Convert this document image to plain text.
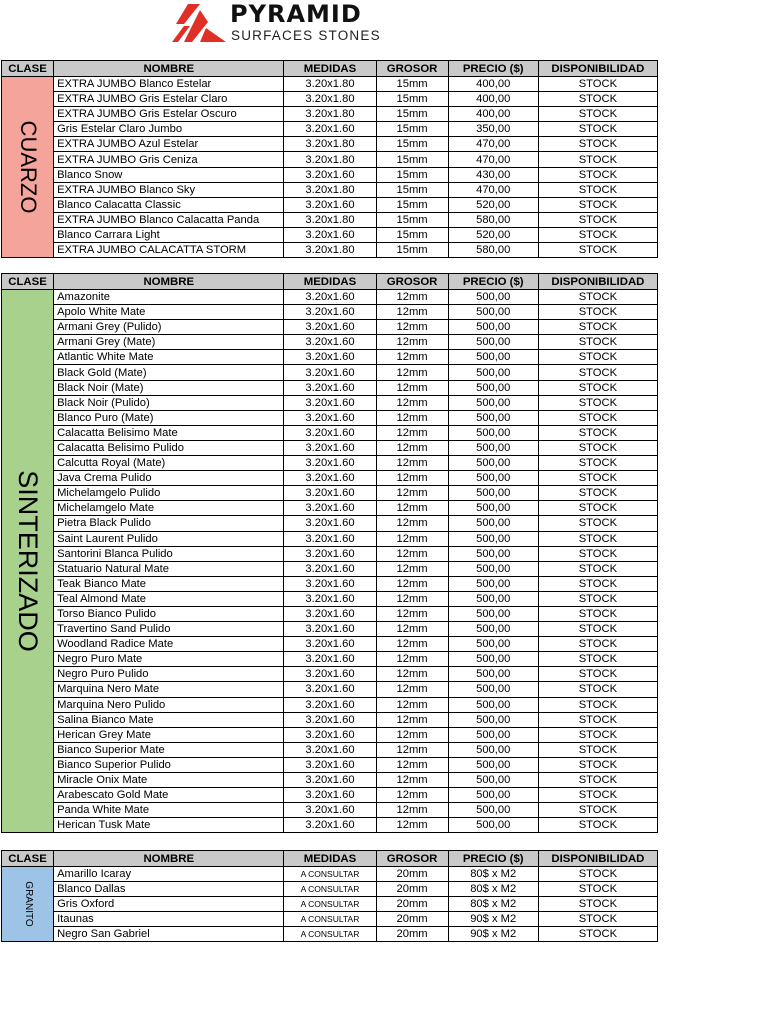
PYRAMID
SURFACES STONES
CLASE	NOMBRE	MEDIDAS	GROSOR	PRECIO ($)	DISPONIBILIDAD

CUARZO	EXTRA JUMBO Blanco Estelar	3.20x1.80	15mm	400,00	STOCK
	EXTRA JUMBO Gris Estelar Claro	3.20x1.80	15mm	400,00	STOCK
	EXTRA JUMBO Gris Estelar Oscuro	3.20x1.80	15mm	400,00	STOCK
	Gris Estelar Claro Jumbo	3.20x1.60	15mm	350,00	STOCK
	EXTRA JUMBO Azul Estelar	3.20x1.80	15mm	470,00	STOCK
	EXTRA JUMBO Gris Ceniza	3.20x1.80	15mm	470,00	STOCK
	Blanco Snow	3.20x1.60	15mm	430,00	STOCK
	EXTRA JUMBO Blanco Sky	3.20x1.80	15mm	470,00	STOCK
	Blanco Calacatta Classic	3.20x1.60	15mm	520,00	STOCK
	EXTRA JUMBO Blanco Calacatta Panda	3.20x1.80	15mm	580,00	STOCK
	Blanco Carrara Light	3.20x1.60	15mm	520,00	STOCK
	EXTRA JUMBO CALACATTA STORM	3.20x1.80	15mm	580,00	STOCK
CLASE	NOMBRE	MEDIDAS	GROSOR	PRECIO ($)	DISPONIBILIDAD

SINTERIZADO	Amazonite	3.20x1.60	12mm	500,00	STOCK
	Apolo White Mate	3.20x1.60	12mm	500,00	STOCK
	Armani Grey (Pulido)	3.20x1.60	12mm	500,00	STOCK
	Armani Grey (Mate)	3.20x1.60	12mm	500,00	STOCK
	Atlantic White Mate	3.20x1.60	12mm	500,00	STOCK
	Black Gold (Mate)	3.20x1.60	12mm	500,00	STOCK
	Black Noir (Mate)	3.20x1.60	12mm	500,00	STOCK
	Black Noir (Pulido)	3.20x1.60	12mm	500,00	STOCK
	Blanco Puro (Mate)	3.20x1.60	12mm	500,00	STOCK
	Calacatta Belisimo Mate	3.20x1.60	12mm	500,00	STOCK
	Calacatta Belisimo Pulido	3.20x1.60	12mm	500,00	STOCK
	Calcutta Royal (Mate)	3.20x1.60	12mm	500,00	STOCK
	Java Crema Pulido	3.20x1.60	12mm	500,00	STOCK
	Michelamgelo Pulido	3.20x1.60	12mm	500,00	STOCK
	Michelamgelo Mate	3.20x1.60	12mm	500,00	STOCK
	Pietra Black Pulido	3.20x1.60	12mm	500,00	STOCK
	Saint Laurent Pulido	3.20x1.60	12mm	500,00	STOCK
	Santorini Blanca Pulido	3.20x1.60	12mm	500,00	STOCK
	Statuario Natural Mate	3.20x1.60	12mm	500,00	STOCK
	Teak Bianco Mate	3.20x1.60	12mm	500,00	STOCK
	Teal Almond Mate	3.20x1.60	12mm	500,00	STOCK
	Torso Bianco Pulido	3.20x1.60	12mm	500,00	STOCK
	Travertino Sand Pulido	3.20x1.60	12mm	500,00	STOCK
	Woodland Radice Mate	3.20x1.60	12mm	500,00	STOCK
	Negro Puro Mate	3.20x1.60	12mm	500,00	STOCK
	Negro Puro Pulido	3.20x1.60	12mm	500,00	STOCK
	Marquina Nero Mate	3.20x1.60	12mm	500,00	STOCK
	Marquina Nero Pulido	3.20x1.60	12mm	500,00	STOCK
	Salina Bianco Mate	3.20x1.60	12mm	500,00	STOCK
	Herican Grey Mate	3.20x1.60	12mm	500,00	STOCK
	Bianco Superior Mate	3.20x1.60	12mm	500,00	STOCK
	Bianco Superior Pulido	3.20x1.60	12mm	500,00	STOCK
	Miracle Onix Mate	3.20x1.60	12mm	500,00	STOCK
	Arabescato Gold Mate	3.20x1.60	12mm	500,00	STOCK
	Panda White Mate	3.20x1.60	12mm	500,00	STOCK
	Herican Tusk Mate	3.20x1.60	12mm	500,00	STOCK
CLASE	NOMBRE	MEDIDAS	GROSOR	PRECIO ($)	DISPONIBILIDAD

GRANITO	Amarillo Icaray	A CONSULTAR	20mm	80$ x M2	STOCK
	Blanco Dallas	A CONSULTAR	20mm	80$ x M2	STOCK
	Gris Oxford	A CONSULTAR	20mm	80$ x M2	STOCK
	Itaunas	A CONSULTAR	20mm	90$ x M2	STOCK
	Negro San Gabriel	A CONSULTAR	20mm	90$ x M2	STOCK
